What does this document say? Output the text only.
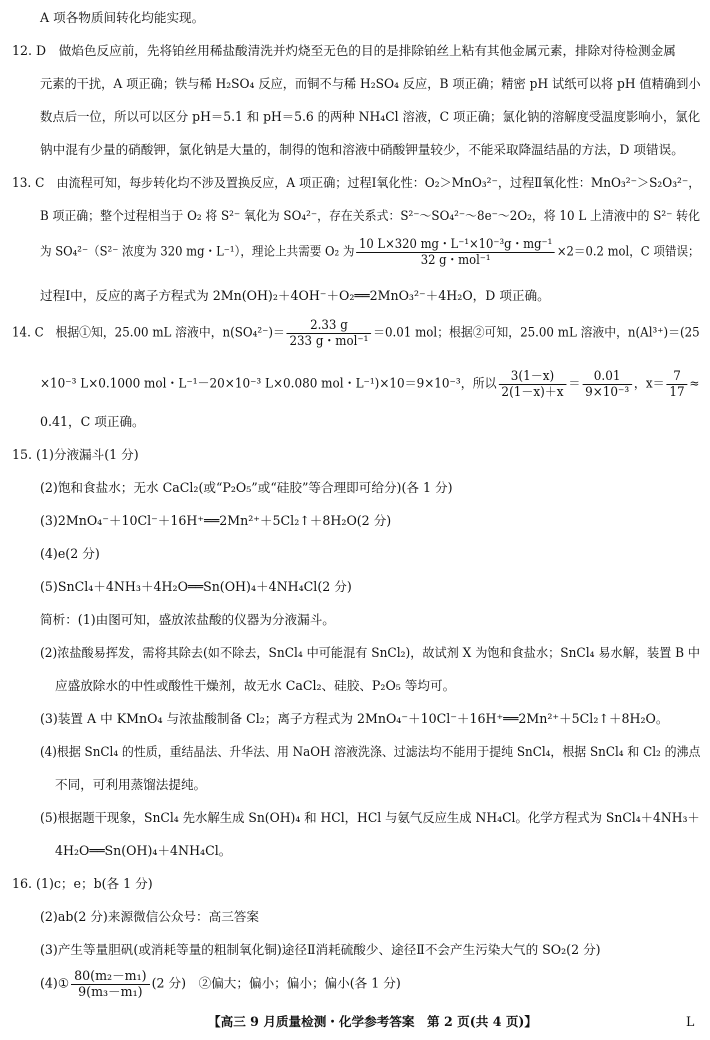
A 项各物质间转化均能实现。
12. D　做焰色反应前，先将铂丝用稀盐酸清洗并灼烧至无色的目的是排除铂丝上粘有其他金属元素，排除对待检测金属
元素的干扰，A 项正确；铁与稀 H₂SO₄ 反应，而铜不与稀 H₂SO₄ 反应，B 项正确；精密 pH 试纸可以将 pH 值精确到小
数点后一位，所以可以区分 pH＝5.1 和 pH＝5.6 的两种 NH₄Cl 溶液，C 项正确；氯化钠的溶解度受温度影响小，氯化
钠中混有少量的硝酸钾，氯化钠是大量的，制得的饱和溶液中硝酸钾量较少，不能采取降温结晶的方法，D 项错误。
13. C　由流程可知，每步转化均不涉及置换反应，A 项正确；过程Ⅰ氧化性：O₂＞MnO₃²⁻，过程Ⅱ氧化性：MnO₃²⁻＞S₂O₃²⁻，
B 项正确；整个过程相当于 O₂ 将 S²⁻ 氧化为 SO₄²⁻，存在关系式：S²⁻～SO₄²⁻～8e⁻～2O₂，将 10 L 上清液中的 S²⁻ 转化
为 SO₄²⁻（S²⁻ 浓度为 320 mg・L⁻¹），理论上共需要 O₂ 为 $\frac{\text{10 L×320 mg・L⁻¹×10⁻³g・mg⁻¹}}{\text{32 g・mol⁻¹}} \times 2=0.2$ mol，C 项错误；
过程Ⅰ中，反应的离子方程式为 2Mn(OH)₂＋4OH⁻＋O₂══2MnO₃²⁻＋4H₂O，D 项正确。
14. C　根据①知，25.00 mL 溶液中，$n(SO_4^{2-})= \frac{2.33 g}{\text{233 g・mol⁻¹}} =0.01$ mol；根据②可知，25.00 mL 溶液中，n(Al³⁺)＝(25
×10⁻³ L×0.1000 mol・L⁻¹－20×10⁻³ L×0.080 mol・L⁻¹)×10＝9×10⁻³，所以 $\frac{3(1-x)}{2(1-x)+x} = \frac{0.01}{\text{9×10⁻³}}$ ，$x= \frac{7}{17}$ ≈
0.41，C 项正确。
15. (1)分液漏斗(1 分)
(2)饱和食盐水；无水 CaCl₂(或“P₂O₅”或“硅胶”等合理即可给分)(各 1 分)
(3)2MnO₄⁻＋10Cl⁻＋16H⁺══2Mn²⁺＋5Cl₂↑＋8H₂O(2 分)
(4)e(2 分)
(5)SnCl₄＋4NH₃＋4H₂O══Sn(OH)₄＋4NH₄Cl(2 分)
简析：(1)由图可知，盛放浓盐酸的仪器为分液漏斗。
(2)浓盐酸易挥发，需将其除去(如不除去，SnCl₄ 中可能混有 SnCl₂)，故试剂 X 为饱和食盐水；SnCl₄ 易水解，装置 B 中
应盛放除水的中性或酸性干燥剂，故无水 CaCl₂、硅胶、P₂O₅ 等均可。
(3)装置 A 中 KMnO₄ 与浓盐酸制备 Cl₂；离子方程式为 2MnO₄⁻＋10Cl⁻＋16H⁺══2Mn²⁺＋5Cl₂↑＋8H₂O。
(4)根据 SnCl₄ 的性质，重结晶法、升华法、用 NaOH 溶液洗涤、过滤法均不能用于提纯 SnCl₄，根据 SnCl₄ 和 Cl₂ 的沸点
不同，可利用蒸馏法提纯。
(5)根据题干现象，SnCl₄ 先水解生成 Sn(OH)₄ 和 HCl，HCl 与氨气反应生成 NH₄Cl。化学方程式为 SnCl₄＋4NH₃＋
4H₂O══Sn(OH)₄＋4NH₄Cl。
16. (1)c；e；b(各 1 分)
(2)ab(2 分)来源微信公众号：高三答案
(3)产生等量胆矾(或消耗等量的粗制氧化铜)途径Ⅱ消耗硫酸少、途径Ⅱ不会产生污染大气的 SO₂(2 分)
(4)① $\frac{\text{80(m₂－m₁)}}{\text{9(m₃－m₁)}} (2$ 分)　②偏大；偏小；偏小；偏小(各 1 分)
【高三 9 月质量检测・化学参考答案　第 2 页(共 4 页)】	L
